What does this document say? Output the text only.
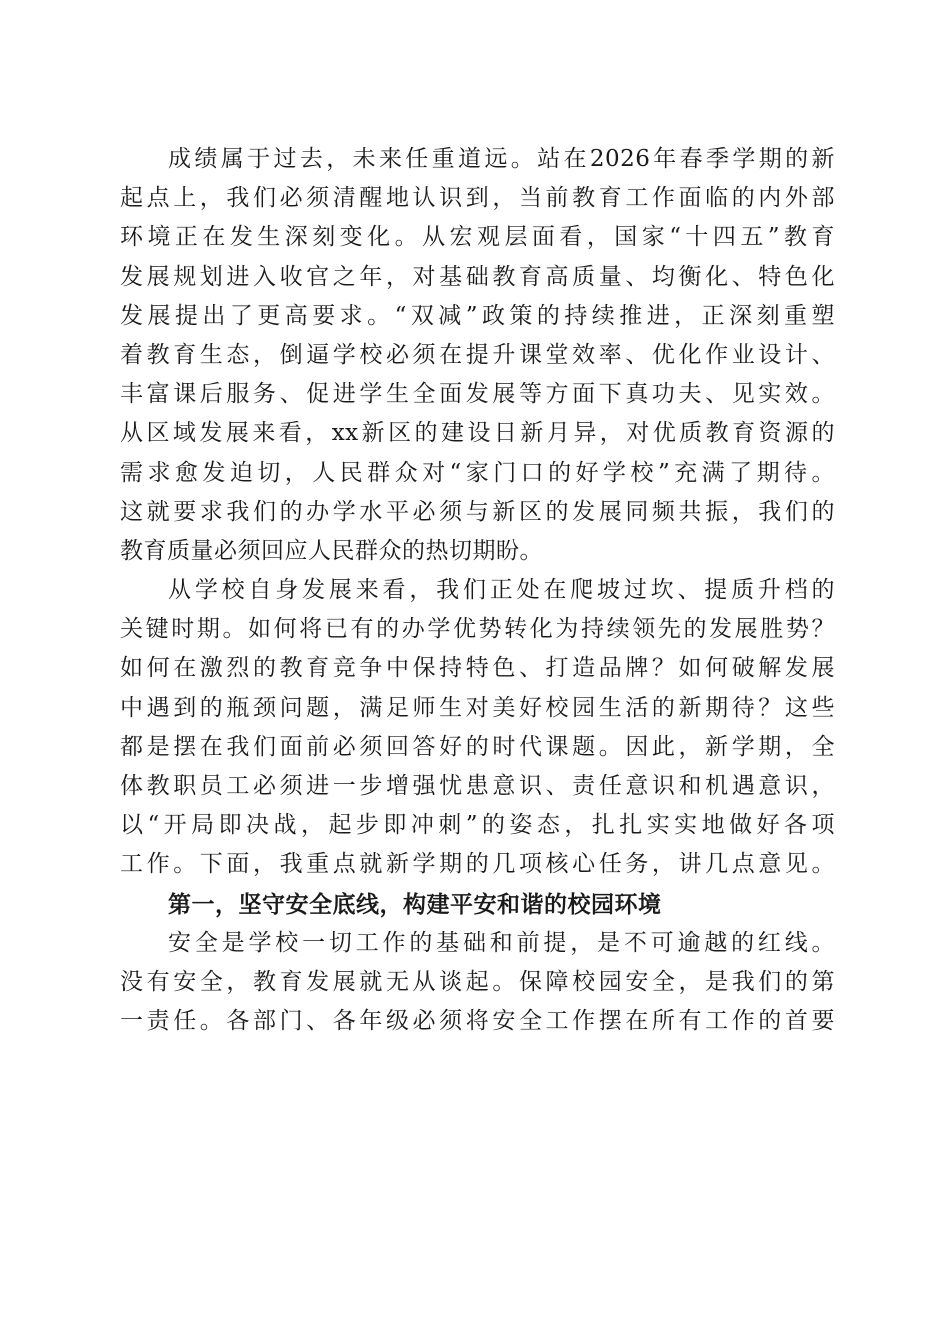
成绩属于过去，未来任重道远。站在2026年春季学期的新
起点上，我们必须清醒地认识到，当前教育工作面临的内外部
环境正在发生深刻变化。从宏观层面看，国家“十四五”教育
发展规划进入收官之年，对基础教育高质量、均衡化、特色化
发展提出了更高要求。“双减”政策的持续推进，正深刻重塑
着教育生态，倒逼学校必须在提升课堂效率、优化作业设计、
丰富课后服务、促进学生全面发展等方面下真功夫、见实效。
从区域发展来看，xx新区的建设日新月异，对优质教育资源的
需求愈发迫切，人民群众对“家门口的好学校”充满了期待。
这就要求我们的办学水平必须与新区的发展同频共振，我们的
教育质量必须回应人民群众的热切期盼。
从学校自身发展来看，我们正处在爬坡过坎、提质升档的
关键时期。如何将已有的办学优势转化为持续领先的发展胜势？
如何在激烈的教育竞争中保持特色、打造品牌？如何破解发展
中遇到的瓶颈问题，满足师生对美好校园生活的新期待？这些
都是摆在我们面前必须回答好的时代课题。因此，新学期，全
体教职员工必须进一步增强忧患意识、责任意识和机遇意识，
以“开局即决战，起步即冲刺”的姿态，扎扎实实地做好各项
工作。下面，我重点就新学期的几项核心任务，讲几点意见。
第一，坚守安全底线，构建平安和谐的校园环境
安全是学校一切工作的基础和前提，是不可逾越的红线。
没有安全，教育发展就无从谈起。保障校园安全，是我们的第
一责任。各部门、各年级必须将安全工作摆在所有工作的首要
